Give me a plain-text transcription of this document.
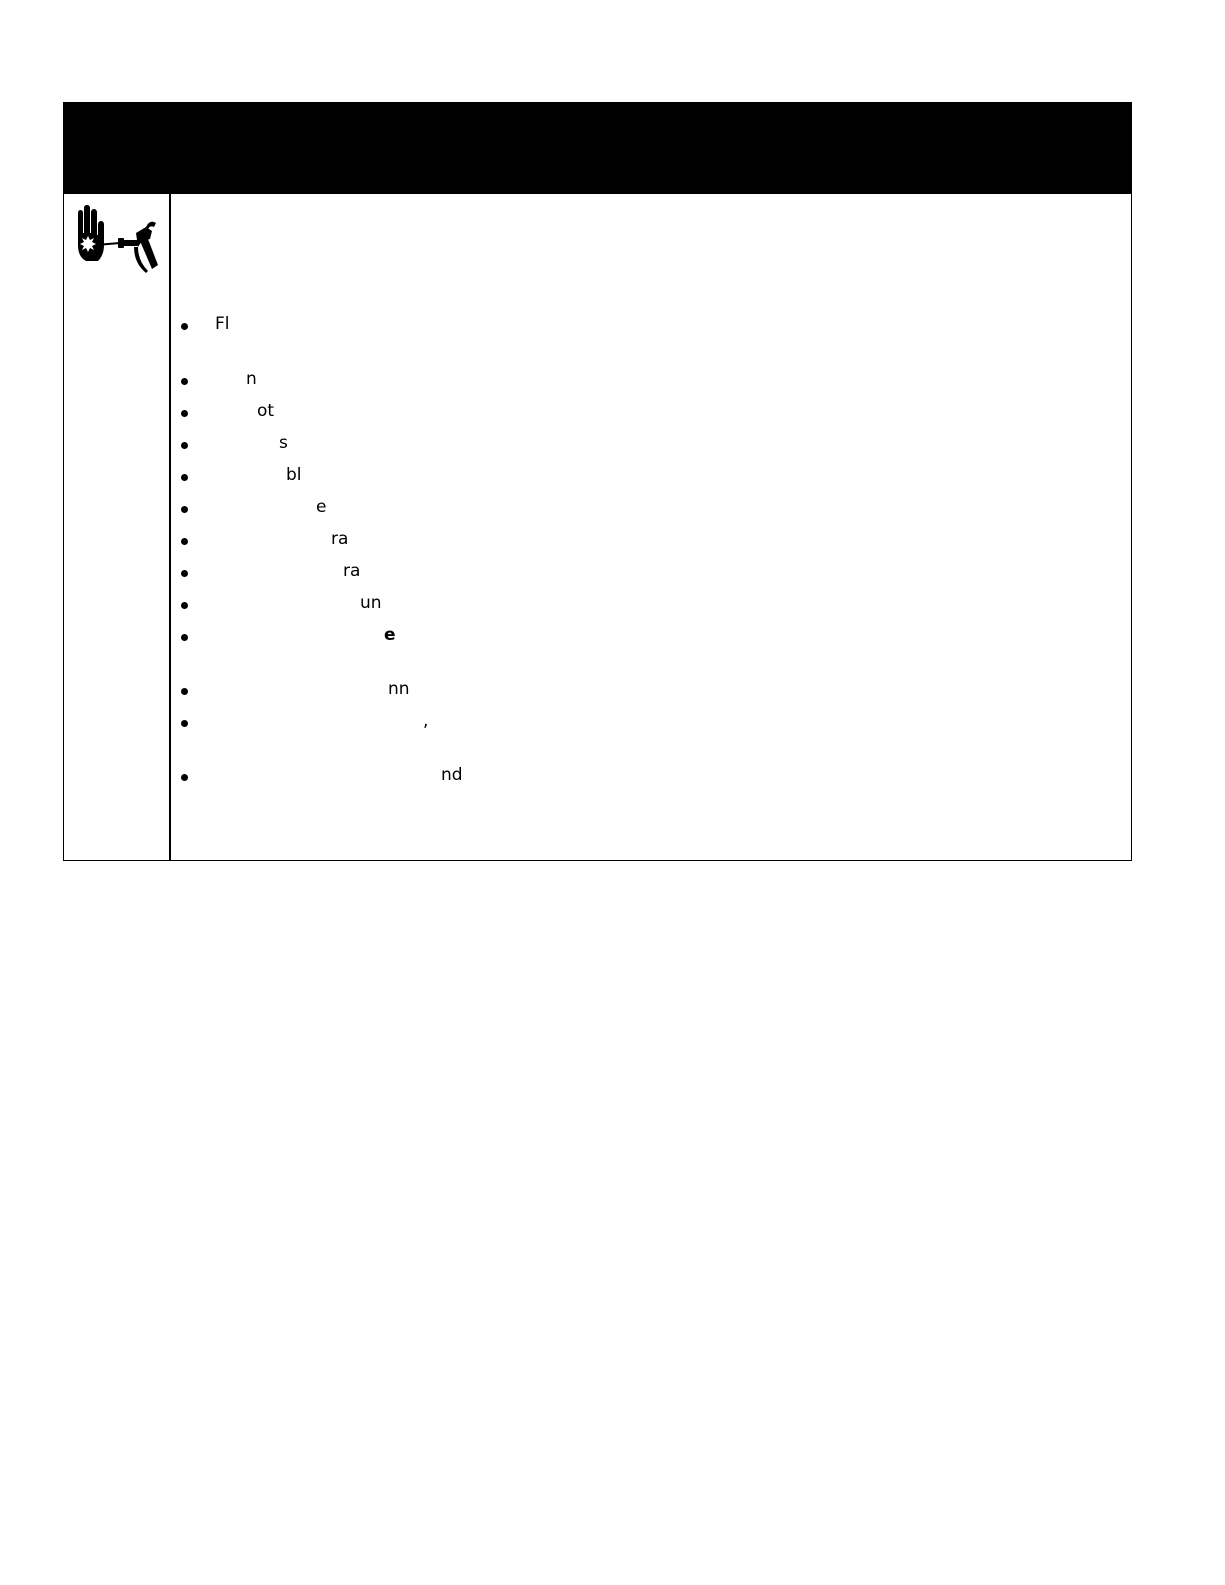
Fl
n
ot
s
bl
e
ra
ra
un
e
nn
,
nd
